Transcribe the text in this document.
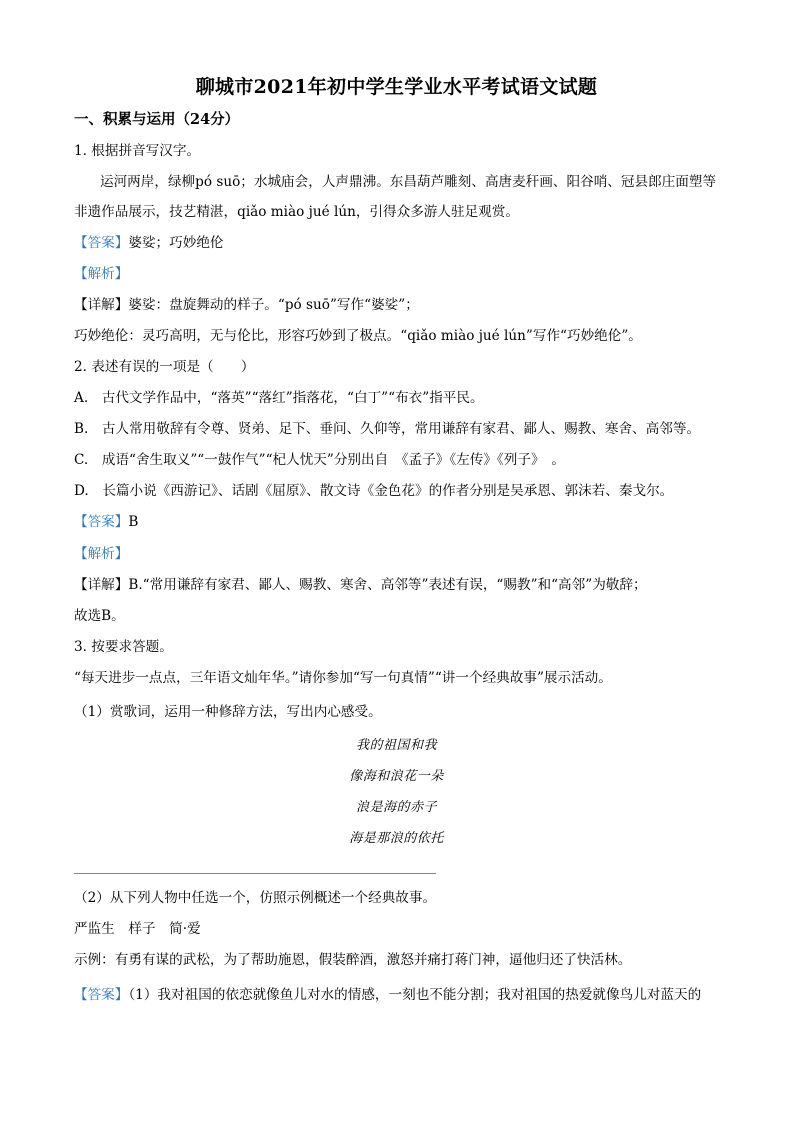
聊城市2021年初中学生学业水平考试语文试题
一、积累与运用（24分）
1. 根据拼音写汉字。
运河两岸，绿柳pó suō；水城庙会，人声鼎沸。东昌葫芦雕刻、高唐麦秆画、阳谷哨、冠县郎庄面塑等
非遗作品展示，技艺精湛，qiǎo miào jué lún，引得众多游人驻足观赏。
【答案】婆娑；巧妙绝伦
【解析】
【详解】婆娑：盘旋舞动的样子。“pó suō”写作“婆娑”；
巧妙绝伦：灵巧高明，无与伦比，形容巧妙到了极点。“qiǎo miào jué lún”写作“巧妙绝伦”。
2. 表述有误的一项是（　　）
A.　古代文学作品中，“落英”“落红”指落花，“白丁”“布衣”指平民。
B.　古人常用敬辞有令尊、贤弟、足下、垂问、久仰等，常用谦辞有家君、鄙人、赐教、寒舍、高邻等。
C.　成语“舍生取义”“一鼓作气”“杞人忧天”分别出自　《孟子》《左传》《列子》　。
D.　长篇小说《西游记》、话剧《屈原》、散文诗《金色花》的作者分别是吴承恩、郭沫若、秦戈尔。
【答案】B
【解析】
【详解】B.“常用谦辞有家君、鄙人、赐教、寒舍、高邻等”表述有误，“赐教”和“高邻”为敬辞；
故选B。
3. 按要求答题。
“每天进步一点点，三年语文灿年华。”请你参加“写一句真情”“讲一个经典故事”展示活动。
（1）赏歌词，运用一种修辞方法，写出内心感受。
我的祖国和我
像海和浪花一朵
浪是海的赤子
海是那浪的依托
（2）从下列人物中任选一个，仿照示例概述一个经典故事。
严监生　样子　简·爱
示例：有勇有谋的武松，为了帮助施恩，假装醉酒，激怒并痛打蒋门神，逼他归还了快活林。
【答案】（1）我对祖国的依恋就像鱼儿对水的情感，一刻也不能分割；我对祖国的热爱就像鸟儿对蓝天的
